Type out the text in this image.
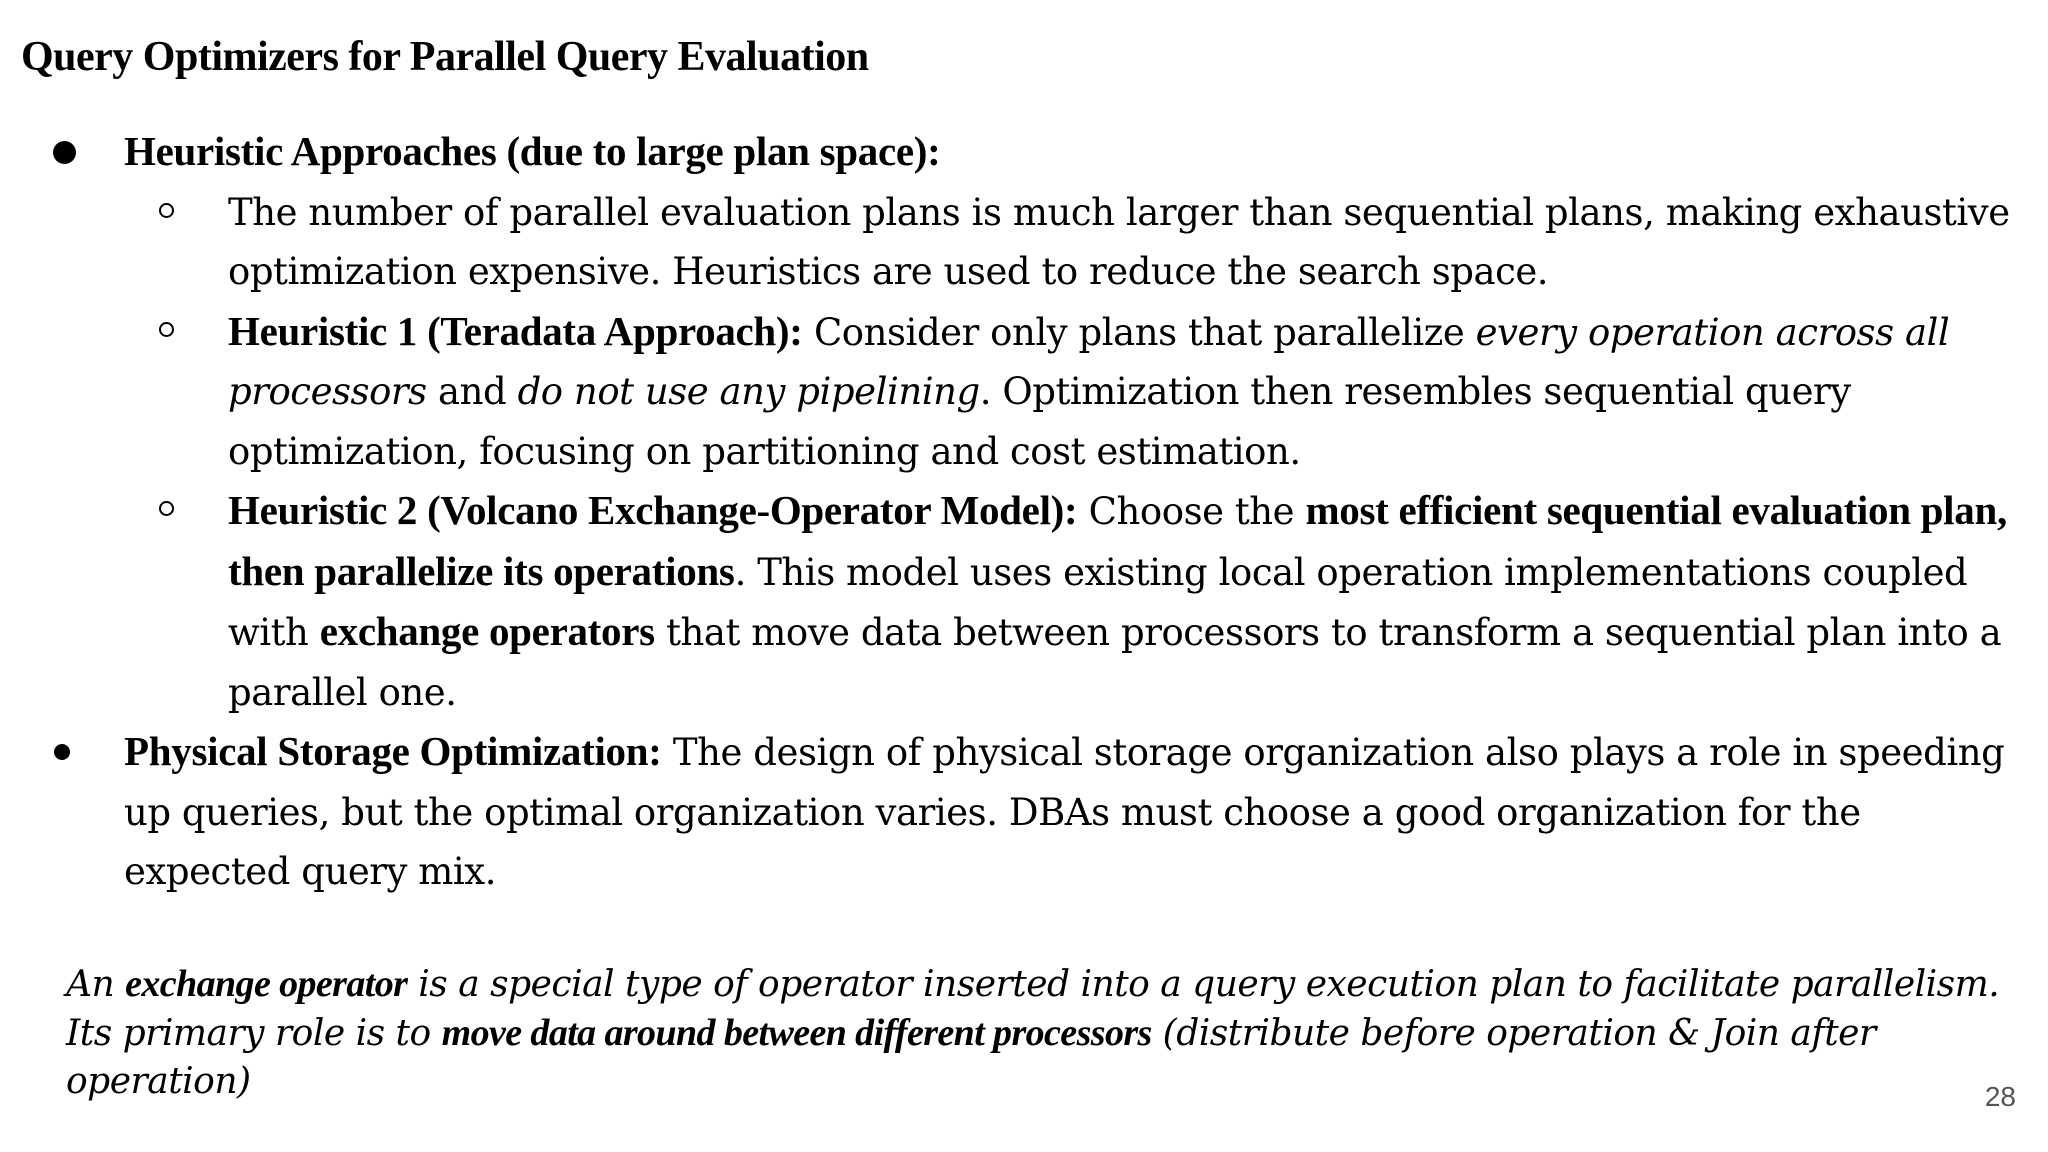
Query Optimizers for Parallel Query Evaluation
Heuristic Approaches (due to large plan space):
The number of parallel evaluation plans is much larger than sequential plans, making exhaustive optimization expensive. Heuristics are used to reduce the search space.
Heuristic 1 (Teradata Approach): Consider only plans that parallelize every operation across all processors and do not use any pipelining. Optimization then resembles sequential query optimization, focusing on partitioning and cost estimation.
Heuristic 2 (Volcano Exchange-Operator Model): Choose the most efficient sequential evaluation plan, then parallelize its operations. This model uses existing local operation implementations coupled with exchange operators that move data between processors to transform a sequential plan into a parallel one.
Physical Storage Optimization: The design of physical storage organization also plays a role in speeding up queries, but the optimal organization varies. DBAs must choose a good organization for the expected query mix.

An exchange operator is a special type of operator inserted into a query execution plan to facilitate parallelism. Its primary role is to move data around between different processors (distribute before operation & Join after operation)	28
